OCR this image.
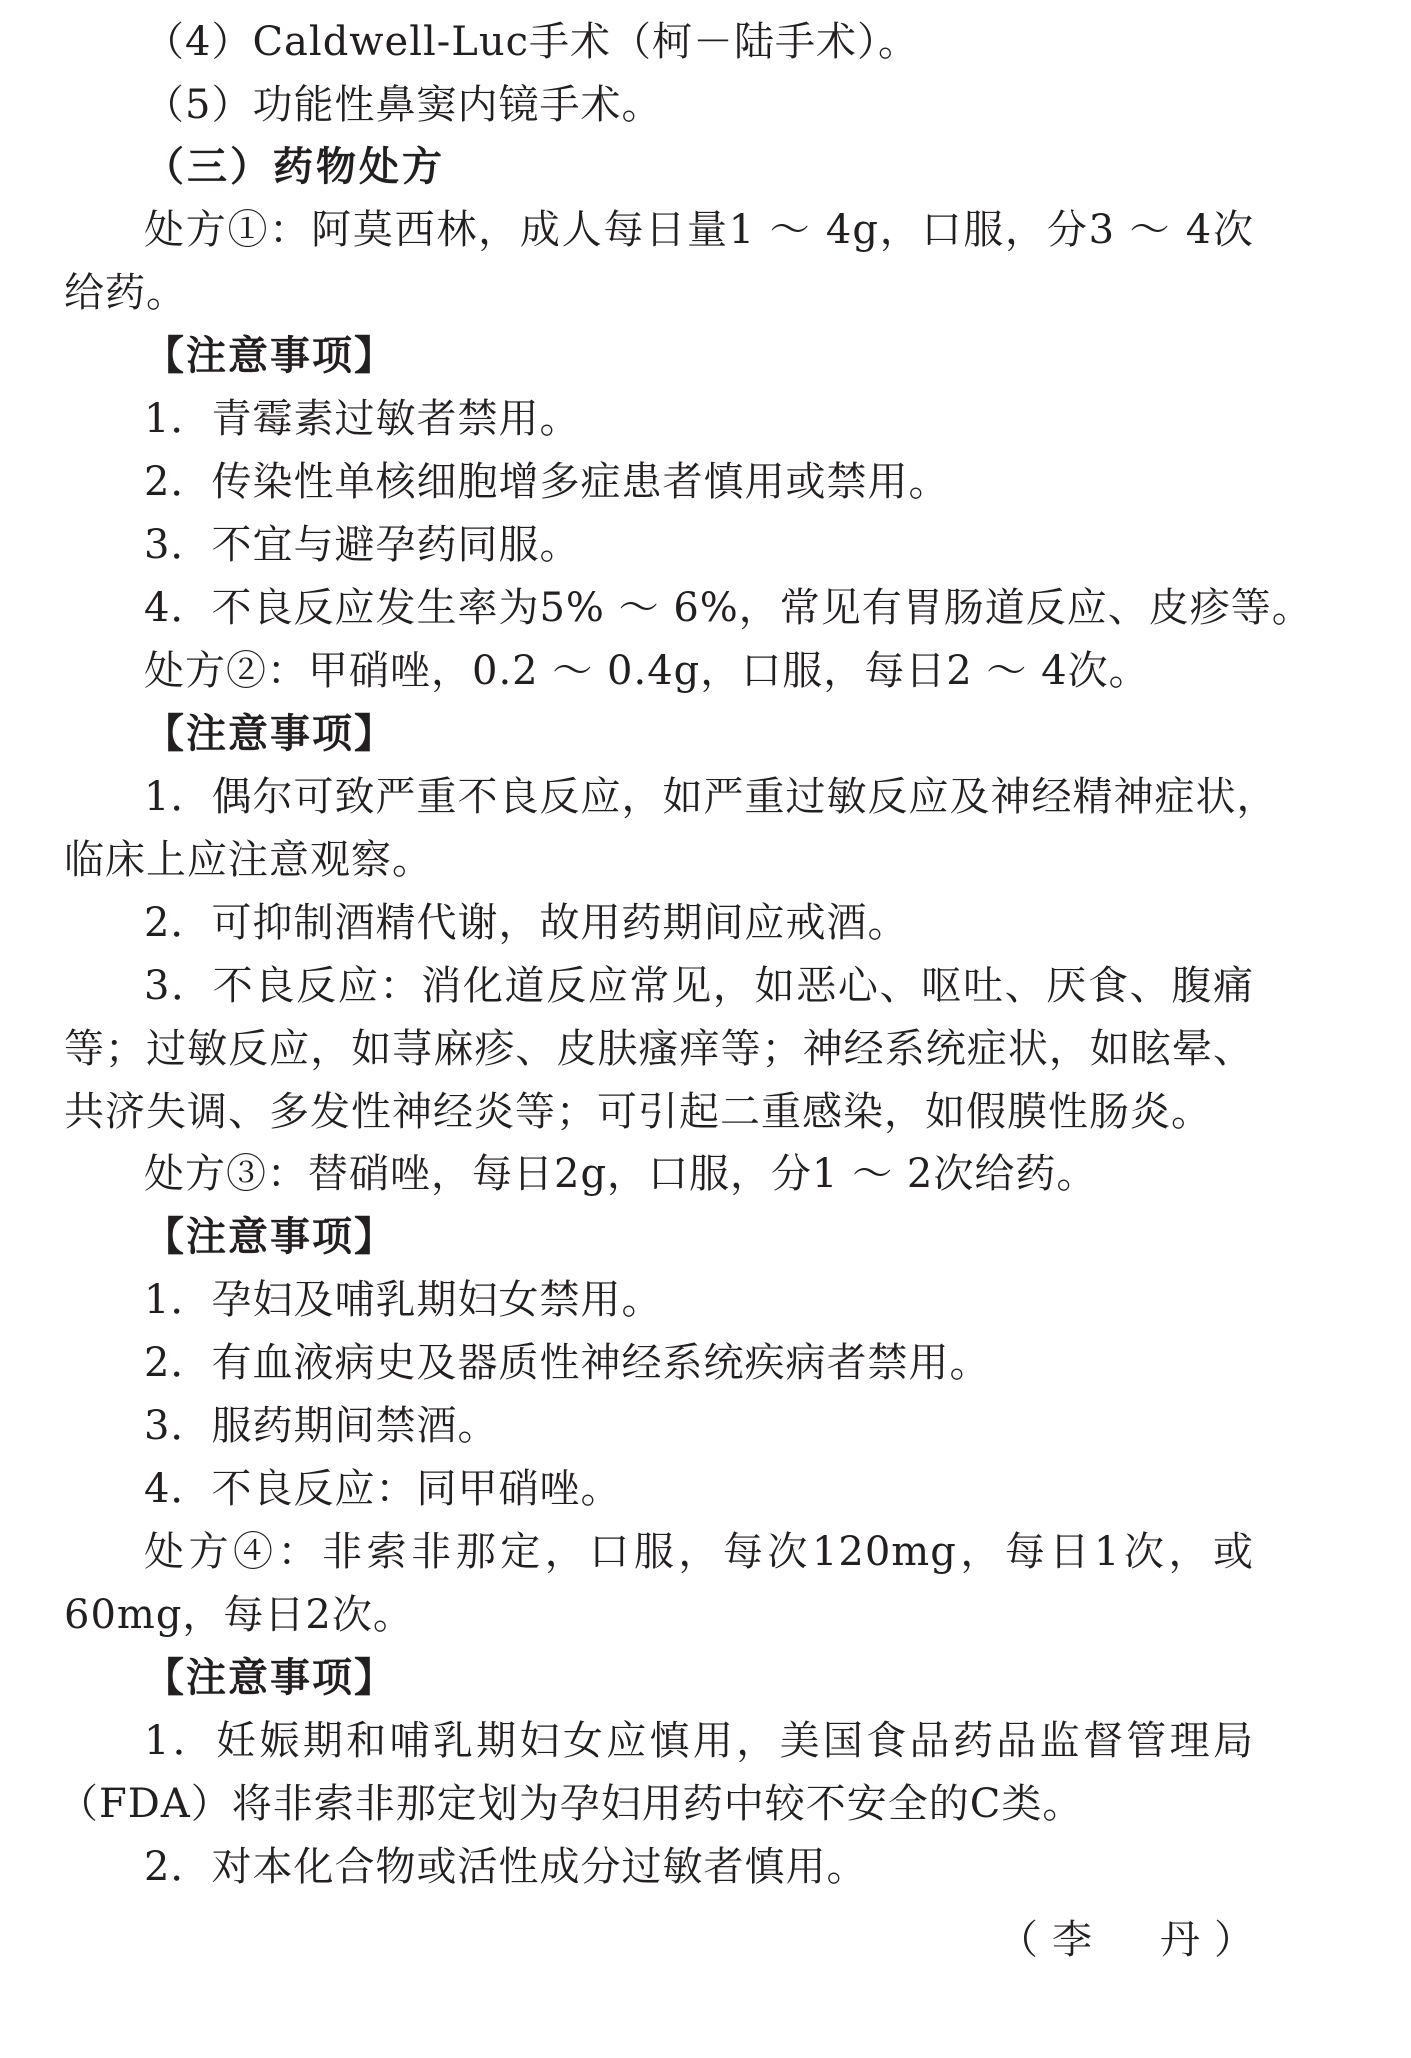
（4）Caldwell-Luc手术（柯－陆手术）。
（5）功能性鼻窦内镜手术。
（三）药物处方
处方①：阿莫西林，成人每日量1 ～ 4g，口服，分3 ～ 4次
给药。
【注意事项】
1．青霉素过敏者禁用。
2．传染性单核细胞增多症患者慎用或禁用。
3．不宜与避孕药同服。
4．不良反应发生率为5% ～ 6%，常见有胃肠道反应、皮疹等。
处方②：甲硝唑，0.2 ～ 0.4g，口服，每日2 ～ 4次。
【注意事项】
1．偶尔可致严重不良反应，如严重过敏反应及神经精神症状，
临床上应注意观察。
2．可抑制酒精代谢，故用药期间应戒酒。
3．不良反应：消化道反应常见，如恶心、呕吐、厌食、腹痛
等；过敏反应，如荨麻疹、皮肤瘙痒等；神经系统症状，如眩晕、
共济失调、多发性神经炎等；可引起二重感染，如假膜性肠炎。
处方③：替硝唑，每日2g，口服，分1 ～ 2次给药。
【注意事项】
1．孕妇及哺乳期妇女禁用。
2．有血液病史及器质性神经系统疾病者禁用。
3．服药期间禁酒。
4．不良反应：同甲硝唑。
处方④：非索非那定，口服，每次120mg，每日1次，或
60mg，每日2次。
【注意事项】
1．妊娠期和哺乳期妇女应慎用，美国食品药品监督管理局
（FDA）将非索非那定划为孕妇用药中较不安全的C类。
2．对本化合物或活性成分过敏者慎用。
（李　丹）
